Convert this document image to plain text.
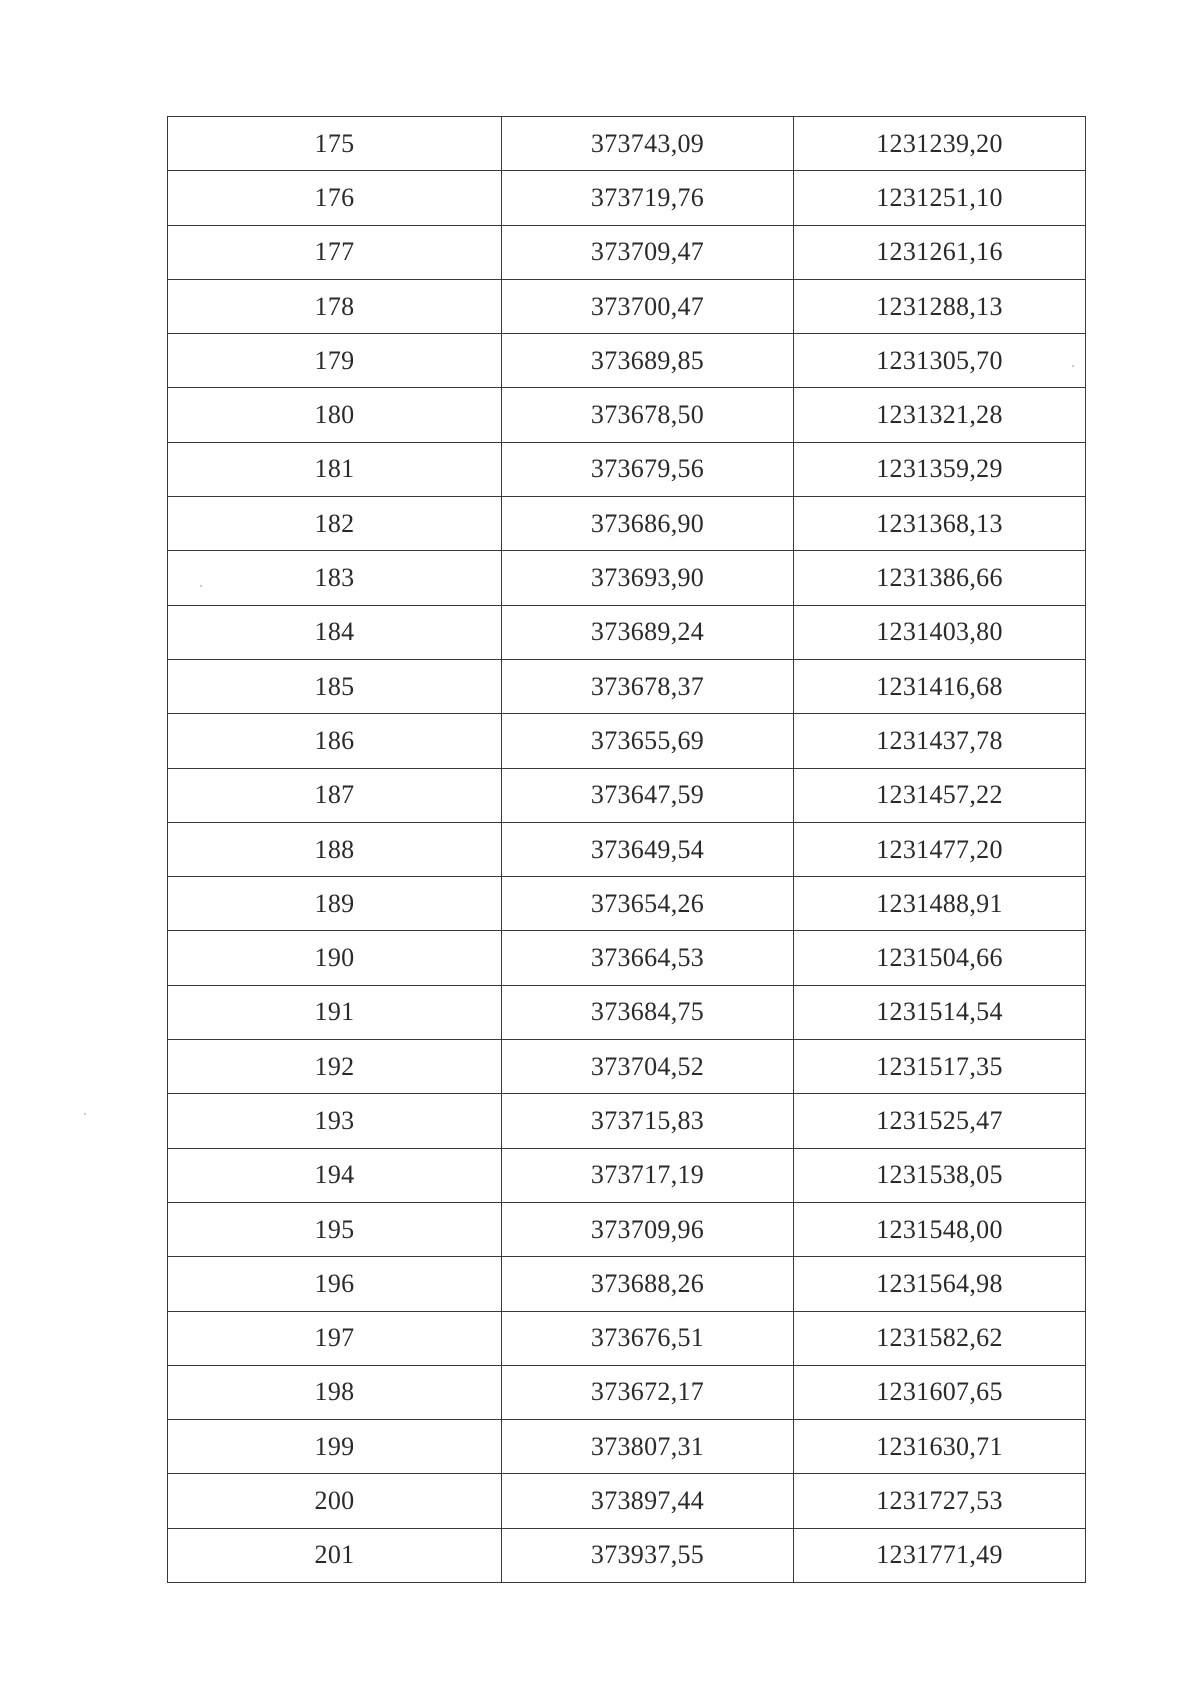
175	373743,09	1231239,20
176	373719,76	1231251,10
177	373709,47	1231261,16
178	373700,47	1231288,13
179	373689,85	1231305,70
180	373678,50	1231321,28
181	373679,56	1231359,29
182	373686,90	1231368,13
183	373693,90	1231386,66
184	373689,24	1231403,80
185	373678,37	1231416,68
186	373655,69	1231437,78
187	373647,59	1231457,22
188	373649,54	1231477,20
189	373654,26	1231488,91
190	373664,53	1231504,66
191	373684,75	1231514,54
192	373704,52	1231517,35
193	373715,83	1231525,47
194	373717,19	1231538,05
195	373709,96	1231548,00
196	373688,26	1231564,98
197	373676,51	1231582,62
198	373672,17	1231607,65
199	373807,31	1231630,71
200	373897,44	1231727,53
201	373937,55	1231771,49
